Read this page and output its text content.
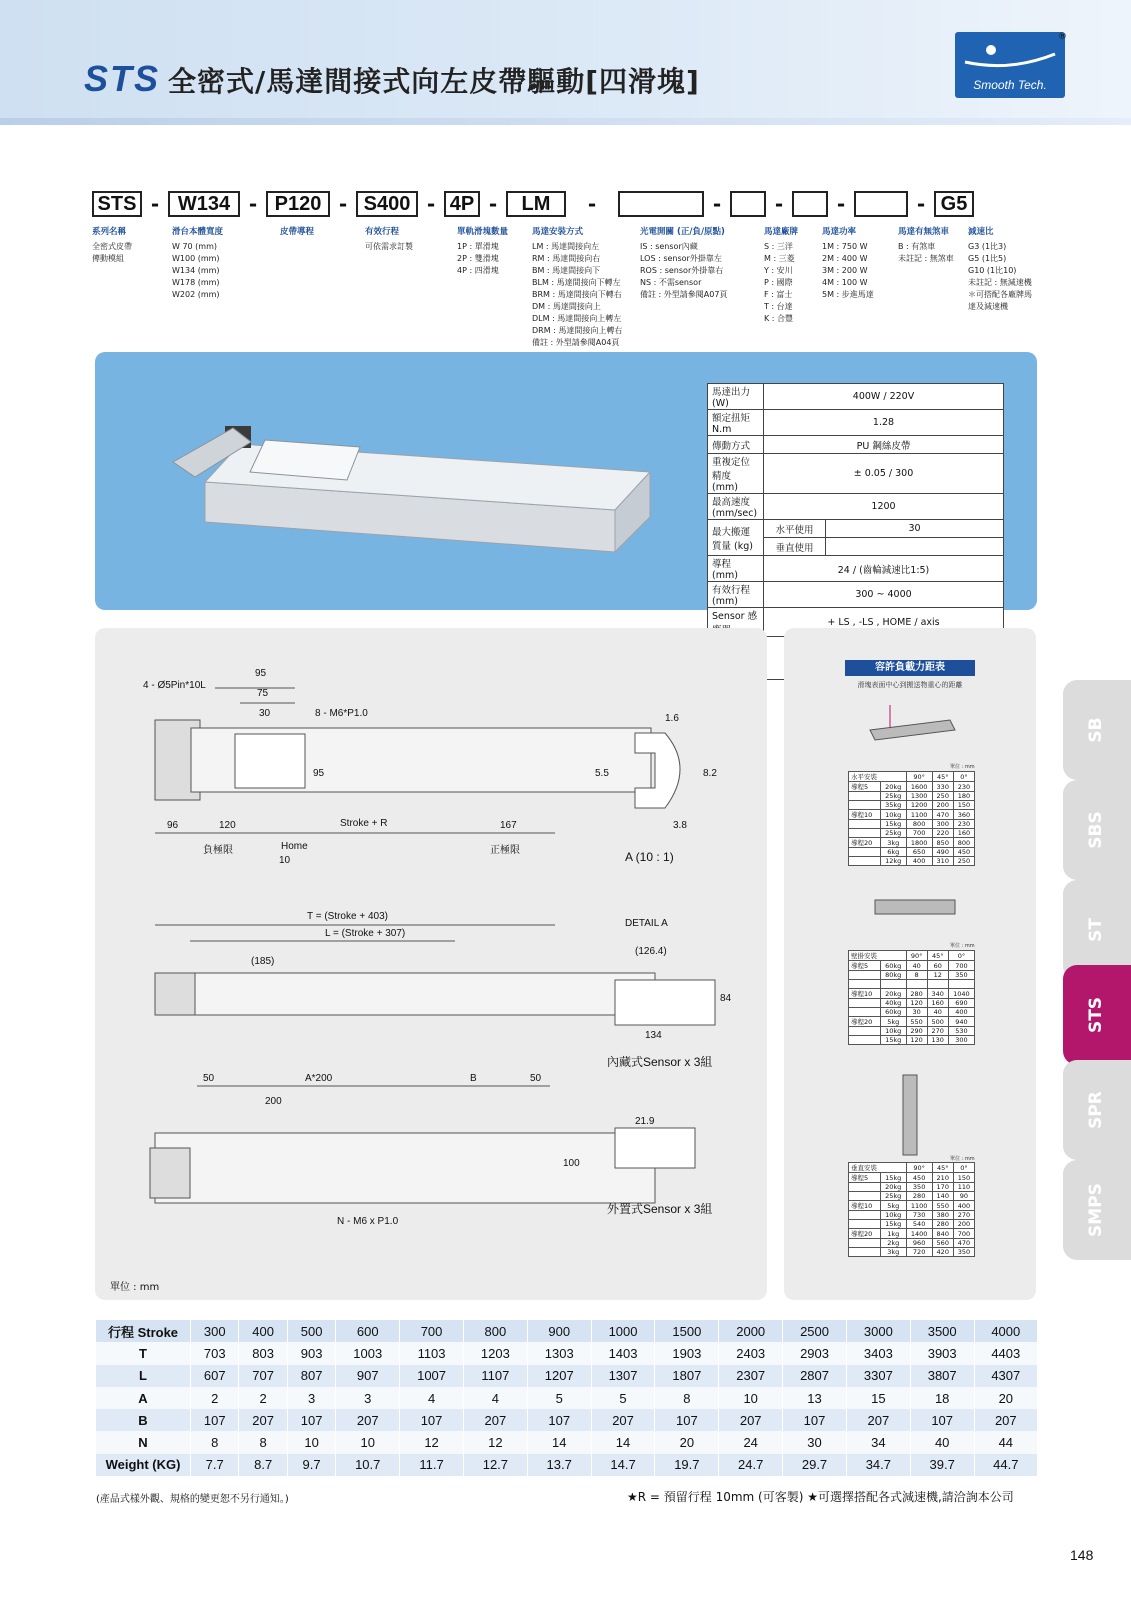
STS 全密式/馬達間接式向左皮帶驅動[四滑塊]	Smooth Tech.
®
STS - W134 - P120 - S400 - 4P -	LM	-	-	-	-	- G5
系列名稱
全密式皮帶
傳動模組
滑台本體寬度
W 70 (mm)
W100 (mm)
W134 (mm)
W178 (mm)
W202 (mm)
皮帶導程	有效行程
可依需求訂製
單軌滑塊數量
1P : 單滑塊
2P : 雙滑塊
4P : 四滑塊
馬達安裝方式
LM : 馬達間接向左
RM : 馬達間接向右
BM : 馬達間接向下
BLM : 馬達間接向下轉左
BRM : 馬達間接向下轉右
DM : 馬達間接向上
DLM : 馬達間接向上轉左
DRM : 馬達間接向上轉右
備註 : 外型請參閱A04頁
光電開關 (正/負/原點)
IS : sensor內藏
LOS : sensor外掛靠左
ROS : sensor外掛靠右
NS : 不需sensor
備註 : 外型請參閱A07頁
馬達廠牌
S : 三洋
M : 三菱
Y : 安川
P : 國際
F : 富士
T : 台達
K : 合豐
馬達功率
1M : 750 W
2M : 400 W
3M : 200 W
4M : 100 W
5M : 步進馬達
馬達有無煞車
B : 有煞車
未註記 : 無煞車
減速比
G3 (1比3)
G5 (1比5)
G10 (1比10)
未註記 : 無減速機
＊可搭配各廠牌馬
達及減速機
馬達出力 (W)	400W / 220V	
額定扭矩 N.m	1.28	
傳動方式	PU 鋼絲皮帶	
重複定位精度 (mm)	± 0.05 / 300	
最高速度 (mm/sec)	1200	
最大搬運質量 (kg)	水平使用	30
	垂直使用	
導程 (mm)	24 / (齒輪減速比1:5)	
有效行程 (mm)	300 ~ 4000	
Sensor 感	+ LS , -LS , HOME / axis	

4 - Ø5Pin*10L
95
75
30	8 - M6*P1.0
95
96	120	Stroke + R	167
負極限	Home
10
正極限
T = (Stroke + 403)
L = (Stroke + 307)
(185)
50	A*200	B	50
200
100
N - M6 x P1.0
1.6
5.5	8.2
3.8
A (10 : 1)
DETAIL A
(126.4)
84
134
內藏式Sensor x 3組
21.9
外置式Sensor x 3組
單位 : mm
容許負載力距表
滑塊表面中心到搬送物重心的距離
單位 : mm
水平安裝		90°	45°	0°
導程5	20kg	1600	330	230
	25kg	1300	250	180
	35kg	1200	200	150
導程10	10kg	1100	470	360
	15kg	800	300	230
	25kg	700	220	160
導程20	3kg	1800	850	800
	6kg	650	490	450
	12kg	400	310	250
單位 : mm
壁掛安裝		90°	45°	0°
導程5	60kg	40	60	700
	80kg	8	12	350

導程10	20kg	280	340	1040
	40kg	120	160	690
	60kg	30	40	400
導程20	5kg	550	500	940
	10kg	290	270	530
	15kg	120	130	300
單位 : mm
垂直安裝		90°	45°	0°
導程5	15kg	450	210	150
	20kg	350	170	110
	25kg	280	140	90
導程10	5kg	1100	550	400
	10kg	730	380	270
	15kg	540	280	200
導程20	1kg	1400	840	700
	2kg	960	560	470
	3kg	720	420	350
SB
SBS
ST
STS
SPR
SMPS
行程 Stroke	300	400	500	600	700	800	900	1000	1500	2000	2500	3000	3500	4000
T	703	803	903	1003	1103	1203	1303	1403	1903	2403	2903	3403	3903	4403
L	607	707	807	907	1007	1107	1207	1307	1807	2307	2807	3307	3807	4307
A	2	2	3	3	4	4	5	5	8	10	13	15	18	20
B	107	207	107	207	107	207	107	207	107	207	107	207	107	207
N	8	8	10	10	12	12	14	14	20	24	30	34	40	44
Weight (KG)	7.7	8.7	9.7	10.7	11.7	12.7	13.7	14.7	19.7	24.7	29.7	34.7	39.7	44.7
(產品式樣外觀、規格的變更恕不另行通知。)	★R = 預留行程 10mm (可客製) ★可選擇搭配各式減速機,請洽詢本公司
148
